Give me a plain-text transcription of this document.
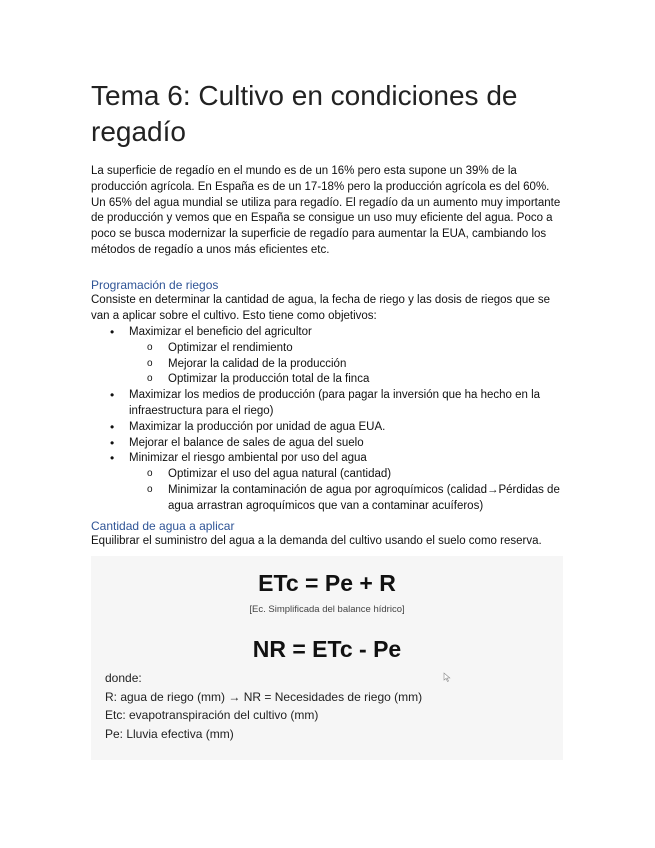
Tema 6: Cultivo en condiciones de regadío

La superficie de regadío en el mundo es de un 16% pero esta supone un 39% de la producción agrícola. En España es de un 17-18% pero la producción agrícola es del 60%. Un 65% del agua mundial se utiliza para regadío. El regadío da un aumento muy importante de producción y vemos que en España se consigue un uso muy eficiente del agua. Poco a poco se busca modernizar la superficie de regadío para aumentar la EUA, cambiando los métodos de regadío a unos más eficientes etc.

Programación de riegos

Consiste en determinar la cantidad de agua, la fecha de riego y las dosis de riegos que se van a aplicar sobre el cultivo. Esto tiene como objetivos:

• Maximizar el beneficio del agricultor
o Optimizar el rendimiento
o Mejorar la calidad de la producción
o Optimizar la producción total de la finca
• Maximizar los medios de producción (para pagar la inversión que ha hecho en la infraestructura para el riego)
• Maximizar la producción por unidad de agua EUA.
• Mejorar el balance de sales de agua del suelo
• Minimizar el riesgo ambiental por uso del agua
o Optimizar el uso del agua natural (cantidad)
o Minimizar la contaminación de agua por agroquímicos (calidad→Pérdidas de agua arrastran agroquímicos que van a contaminar acuíferos)
Cantidad de agua a aplicar

Equilibrar el suministro del agua a la demanda del cultivo usando el suelo como reserva.

ETc = Pe + R
[Ec. Simplificada del balance hídrico]
NR = ETc - Pe
donde:
R: agua de riego (mm) → NR = Necesidades de riego (mm)
Etc: evapotranspiración del cultivo (mm)
Pe: Lluvia efectiva (mm)
